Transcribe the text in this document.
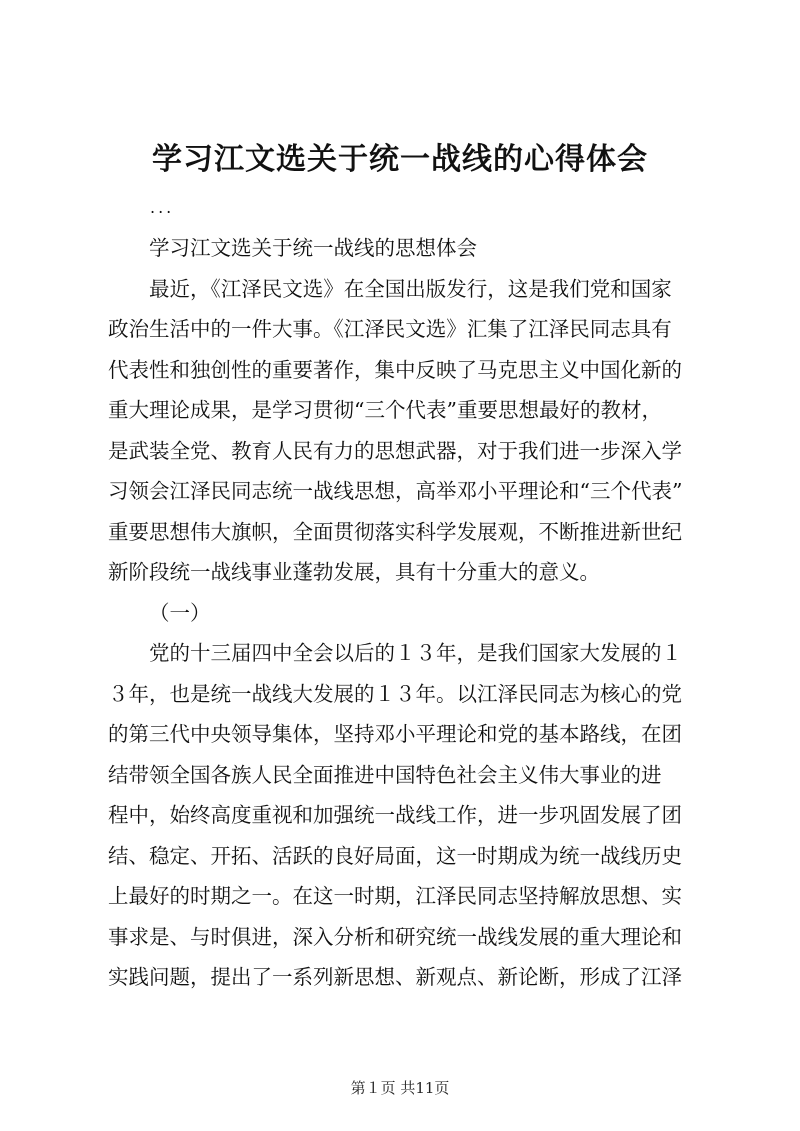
学习江文选关于统一战线的心得体会
...

学习江文选关于统一战线的思想体会

最近，《江泽民文选》在全国出版发行，这是我们党和国家

政治生活中的一件大事。《江泽民文选》汇集了江泽民同志具有

代表性和独创性的重要著作，集中反映了马克思主义中国化新的

重大理论成果，是学习贯彻“三个代表”重要思想最好的教材，

是武装全党、教育人民有力的思想武器，对于我们进一步深入学

习领会江泽民同志统一战线思想，高举邓小平理论和“三个代表”

重要思想伟大旗帜，全面贯彻落实科学发展观，不断推进新世纪

新阶段统一战线事业蓬勃发展，具有十分重大的意义。

（一）

党的十三届四中全会以后的１３年，是我们国家大发展的１

３年，也是统一战线大发展的１３年。以江泽民同志为核心的党

的第三代中央领导集体，坚持邓小平理论和党的基本路线，在团

结带领全国各族人民全面推进中国特色社会主义伟大事业的进

程中，始终高度重视和加强统一战线工作，进一步巩固发展了团

结、稳定、开拓、活跃的良好局面，这一时期成为统一战线历史

上最好的时期之一。在这一时期，江泽民同志坚持解放思想、实

事求是、与时俱进，深入分析和研究统一战线发展的重大理论和

实践问题，提出了一系列新思想、新观点、新论断，形成了江泽

第１页 共11页
